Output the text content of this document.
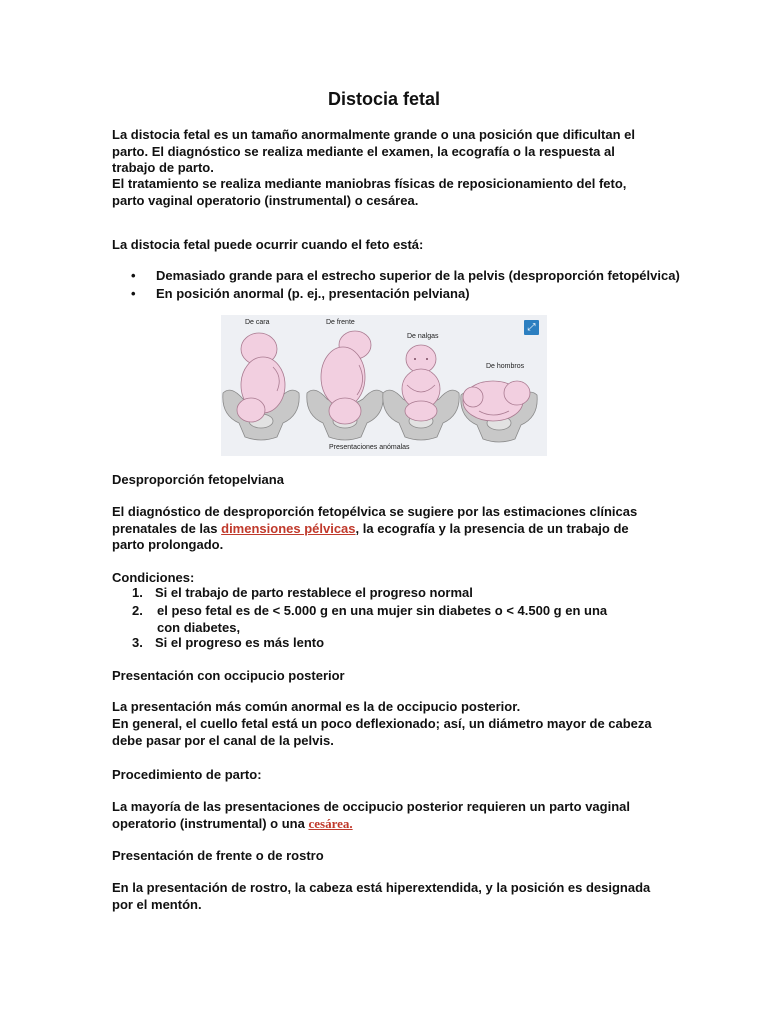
Distocia fetal

La distocia fetal es un tamaño anormalmente grande o una posición que dificultan el parto. El diagnóstico se realiza mediante el examen, la ecografía o la respuesta al trabajo de parto.

El tratamiento se realiza mediante maniobras físicas de reposicionamiento del feto, parto vaginal operatorio (instrumental) o cesárea.

La distocia fetal puede ocurrir cuando el feto está:

• Demasiado grande para el estrecho superior de la pelvis (desproporción fetopélvica)
• En posición anormal (p. ej., presentación pelviana)
De cara	De frente
De nalgas
De hombros
Presentaciones anómalas
⤢

Desproporción fetopelviana

El diagnóstico de desproporción fetopélvica se sugiere por las estimaciones clínicas prenatales de las dimensiones pélvicas, la ecografía y la presencia de un trabajo de parto prolongado.

Condiciones:

1. Si el trabajo de parto restablece el progreso normal
2.	el peso fetal es de < 5.000 g en una mujer sin diabetes o < 4.500 g en una con diabetes,
3. Si el progreso es más lento

Presentación con occipucio posterior

La presentación más común anormal es la de occipucio posterior.

En general, el cuello fetal está un poco deflexionado; así, un diámetro mayor de cabeza debe pasar por el canal de la pelvis.

Procedimiento de parto:

La mayoría de las presentaciones de occipucio posterior requieren un parto vaginal operatorio (instrumental) o una cesárea.

Presentación de frente o de rostro

En la presentación de rostro, la cabeza está hiperextendida, y la posición es designada por el mentón.
